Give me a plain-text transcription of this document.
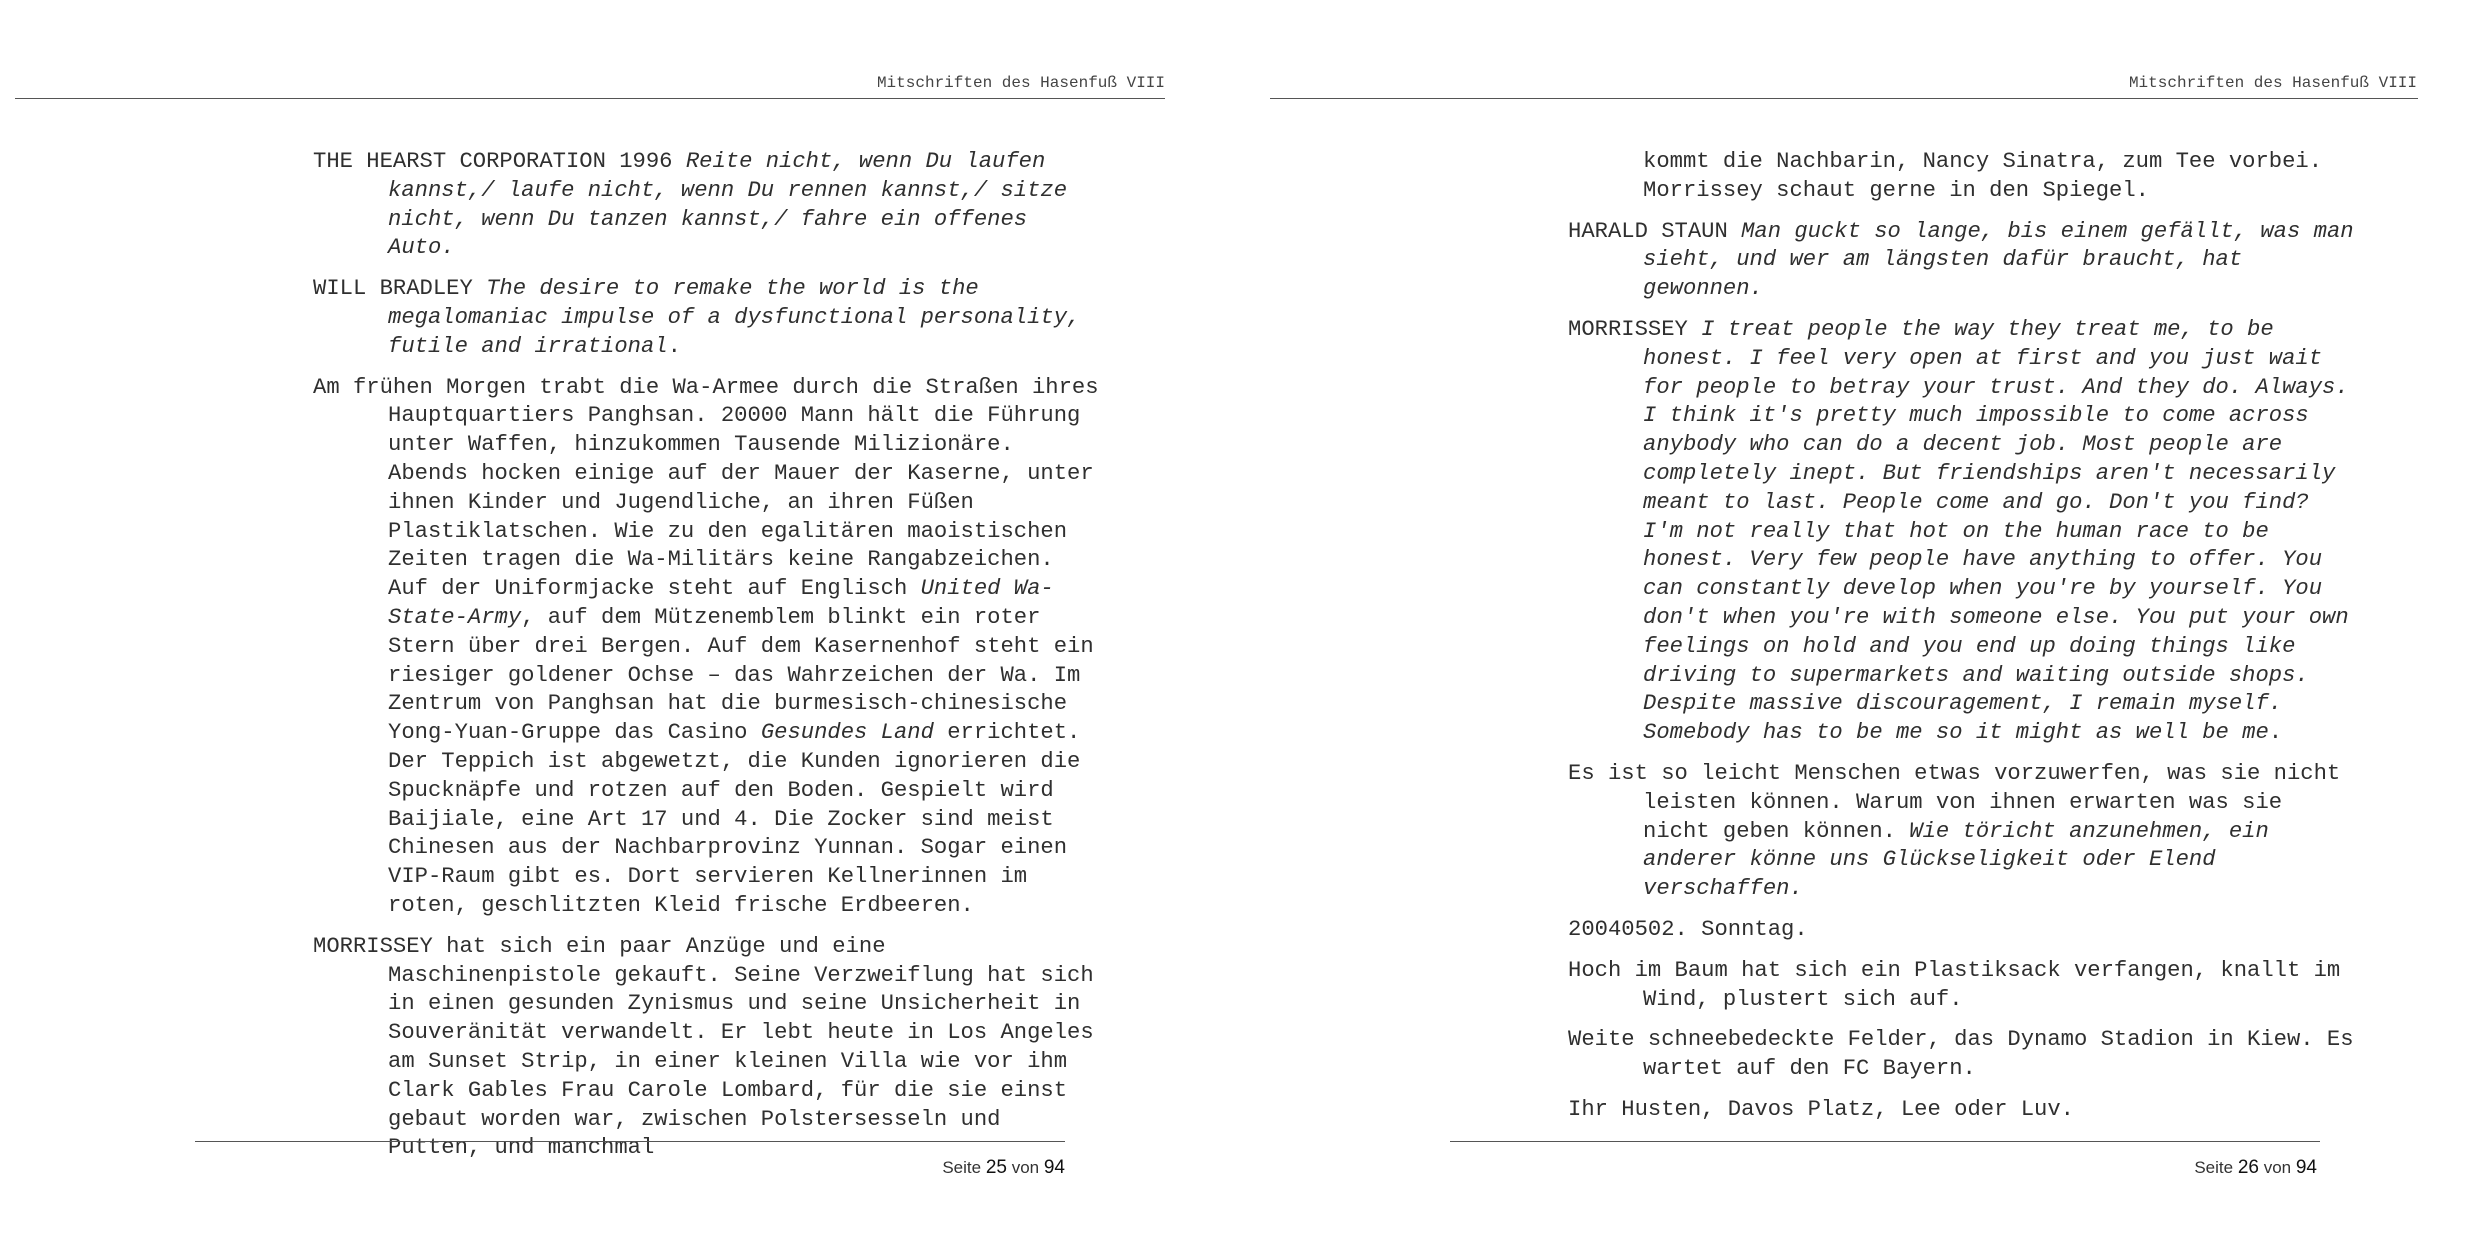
Mitschriften des Hasenfuß VIII

THE HEARST CORPORATION 1996 Reite nicht, wenn Du laufen kannst,/ laufe nicht, wenn Du rennen kannst,/ sitze nicht, wenn Du tanzen kannst,/ fahre ein offenes Auto.

WILL BRADLEY The desire to remake the world is the megalomaniac impulse of a dysfunctional personality, futile and irrational.

Am frühen Morgen trabt die Wa-Armee durch die Straßen ihres Hauptquartiers Panghsan. 20000 Mann hält die Führung unter Waffen, hinzukommen Tausende Milizionäre. Abends hocken einige auf der Mauer der Kaserne, unter ihnen Kinder und Jugendliche, an ihren Füßen Plastiklatschen. Wie zu den egalitären maoistischen Zeiten tragen die Wa-Militärs keine Rangabzeichen. Auf der Uniformjacke steht auf Englisch United Wa-State-Army, auf dem Mützenemblem blinkt ein roter Stern über drei Bergen. Auf dem Kasernenhof steht ein riesiger goldener Ochse – das Wahrzeichen der Wa. Im Zentrum von Panghsan hat die burmesisch-chinesische Yong-Yuan-Gruppe das Casino Gesundes Land errichtet. Der Teppich ist abgewetzt, die Kunden ignorieren die Spucknäpfe und rotzen auf den Boden. Gespielt wird Baijiale, eine Art 17 und 4. Die Zocker sind meist Chinesen aus der Nachbarprovinz Yunnan. Sogar einen VIP-Raum gibt es. Dort servieren Kellnerinnen im roten, geschlitzten Kleid frische Erdbeeren.

MORRISSEY hat sich ein paar Anzüge und eine Maschinenpistole gekauft. Seine Verzweiflung hat sich in einen gesunden Zynismus und seine Unsicherheit in Souveränität verwandelt. Er lebt heute in Los Angeles am Sunset Strip, in einer kleinen Villa wie vor ihm Clark Gables Frau Carole Lombard, für die sie einst gebaut worden war, zwischen Polstersesseln und Putten, und manchmal

Seite 25 von 94
Mitschriften des Hasenfuß VIII

kommt die Nachbarin, Nancy Sinatra, zum Tee vorbei. Morrissey schaut gerne in den Spiegel.

HARALD STAUN Man guckt so lange, bis einem gefällt, was man sieht, und wer am längsten dafür braucht, hat gewonnen.

MORRISSEY I treat people the way they treat me, to be honest. I feel very open at first and you just wait for people to betray your trust. And they do. Always. I think it's pretty much impossible to come across anybody who can do a decent job. Most people are completely inept. But friendships aren't necessarily meant to last. People come and go. Don't you find? I'm not really that hot on the human race to be honest. Very few people have anything to offer. You can constantly develop when you're by yourself. You don't when you're with someone else. You put your own feelings on hold and you end up doing things like driving to supermarkets and waiting outside shops. Despite massive discouragement, I remain myself. Somebody has to be me so it might as well be me.

Es ist so leicht Menschen etwas vorzuwerfen, was sie nicht leisten können. Warum von ihnen erwarten was sie nicht geben können. Wie töricht anzunehmen, ein anderer könne uns Glückseligkeit oder Elend verschaffen.

20040502. Sonntag.

Hoch im Baum hat sich ein Plastiksack verfangen, knallt im Wind, plustert sich auf.

Weite schneebedeckte Felder, das Dynamo Stadion in Kiew. Es wartet auf den FC Bayern.

Ihr Husten, Davos Platz, Lee oder Luv.

Seite 26 von 94
